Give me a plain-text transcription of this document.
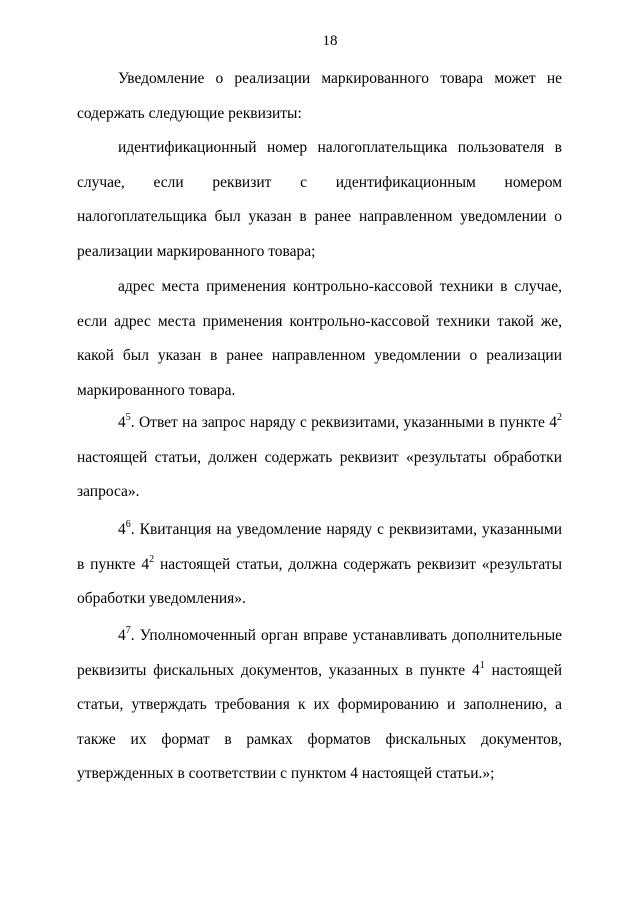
18

Уведомление о реализации маркированного товара может не содержать следующие реквизиты:

идентификационный номер налогоплательщика пользователя в случае, если реквизит с идентификационным номером налогоплательщика был указан в ранее направленном уведомлении о реализации маркированного товара;

адрес места применения контрольно-кассовой техники в случае, если адрес места применения контрольно-кассовой техники такой же, какой был указан в ранее направленном уведомлении о реализации маркированного товара.

$4^5$. Ответ на запрос наряду с реквизитами, указанными в пункте $4^2$ настоящей статьи, должен содержать реквизит «результаты обработки запроса».

$4^6$. Квитанция на уведомление наряду с реквизитами, указанными в пункте $4^2$ настоящей статьи, должна содержать реквизит «результаты обработки уведомления».

$4^7$. Уполномоченный орган вправе устанавливать дополнительные реквизиты фискальных документов, указанных в пункте $4^1$ настоящей статьи, утверждать требования к их формированию и заполнению, а также их формат в рамках форматов фискальных документов, утвержденных в соответствии с пунктом 4 настоящей статьи.»;
